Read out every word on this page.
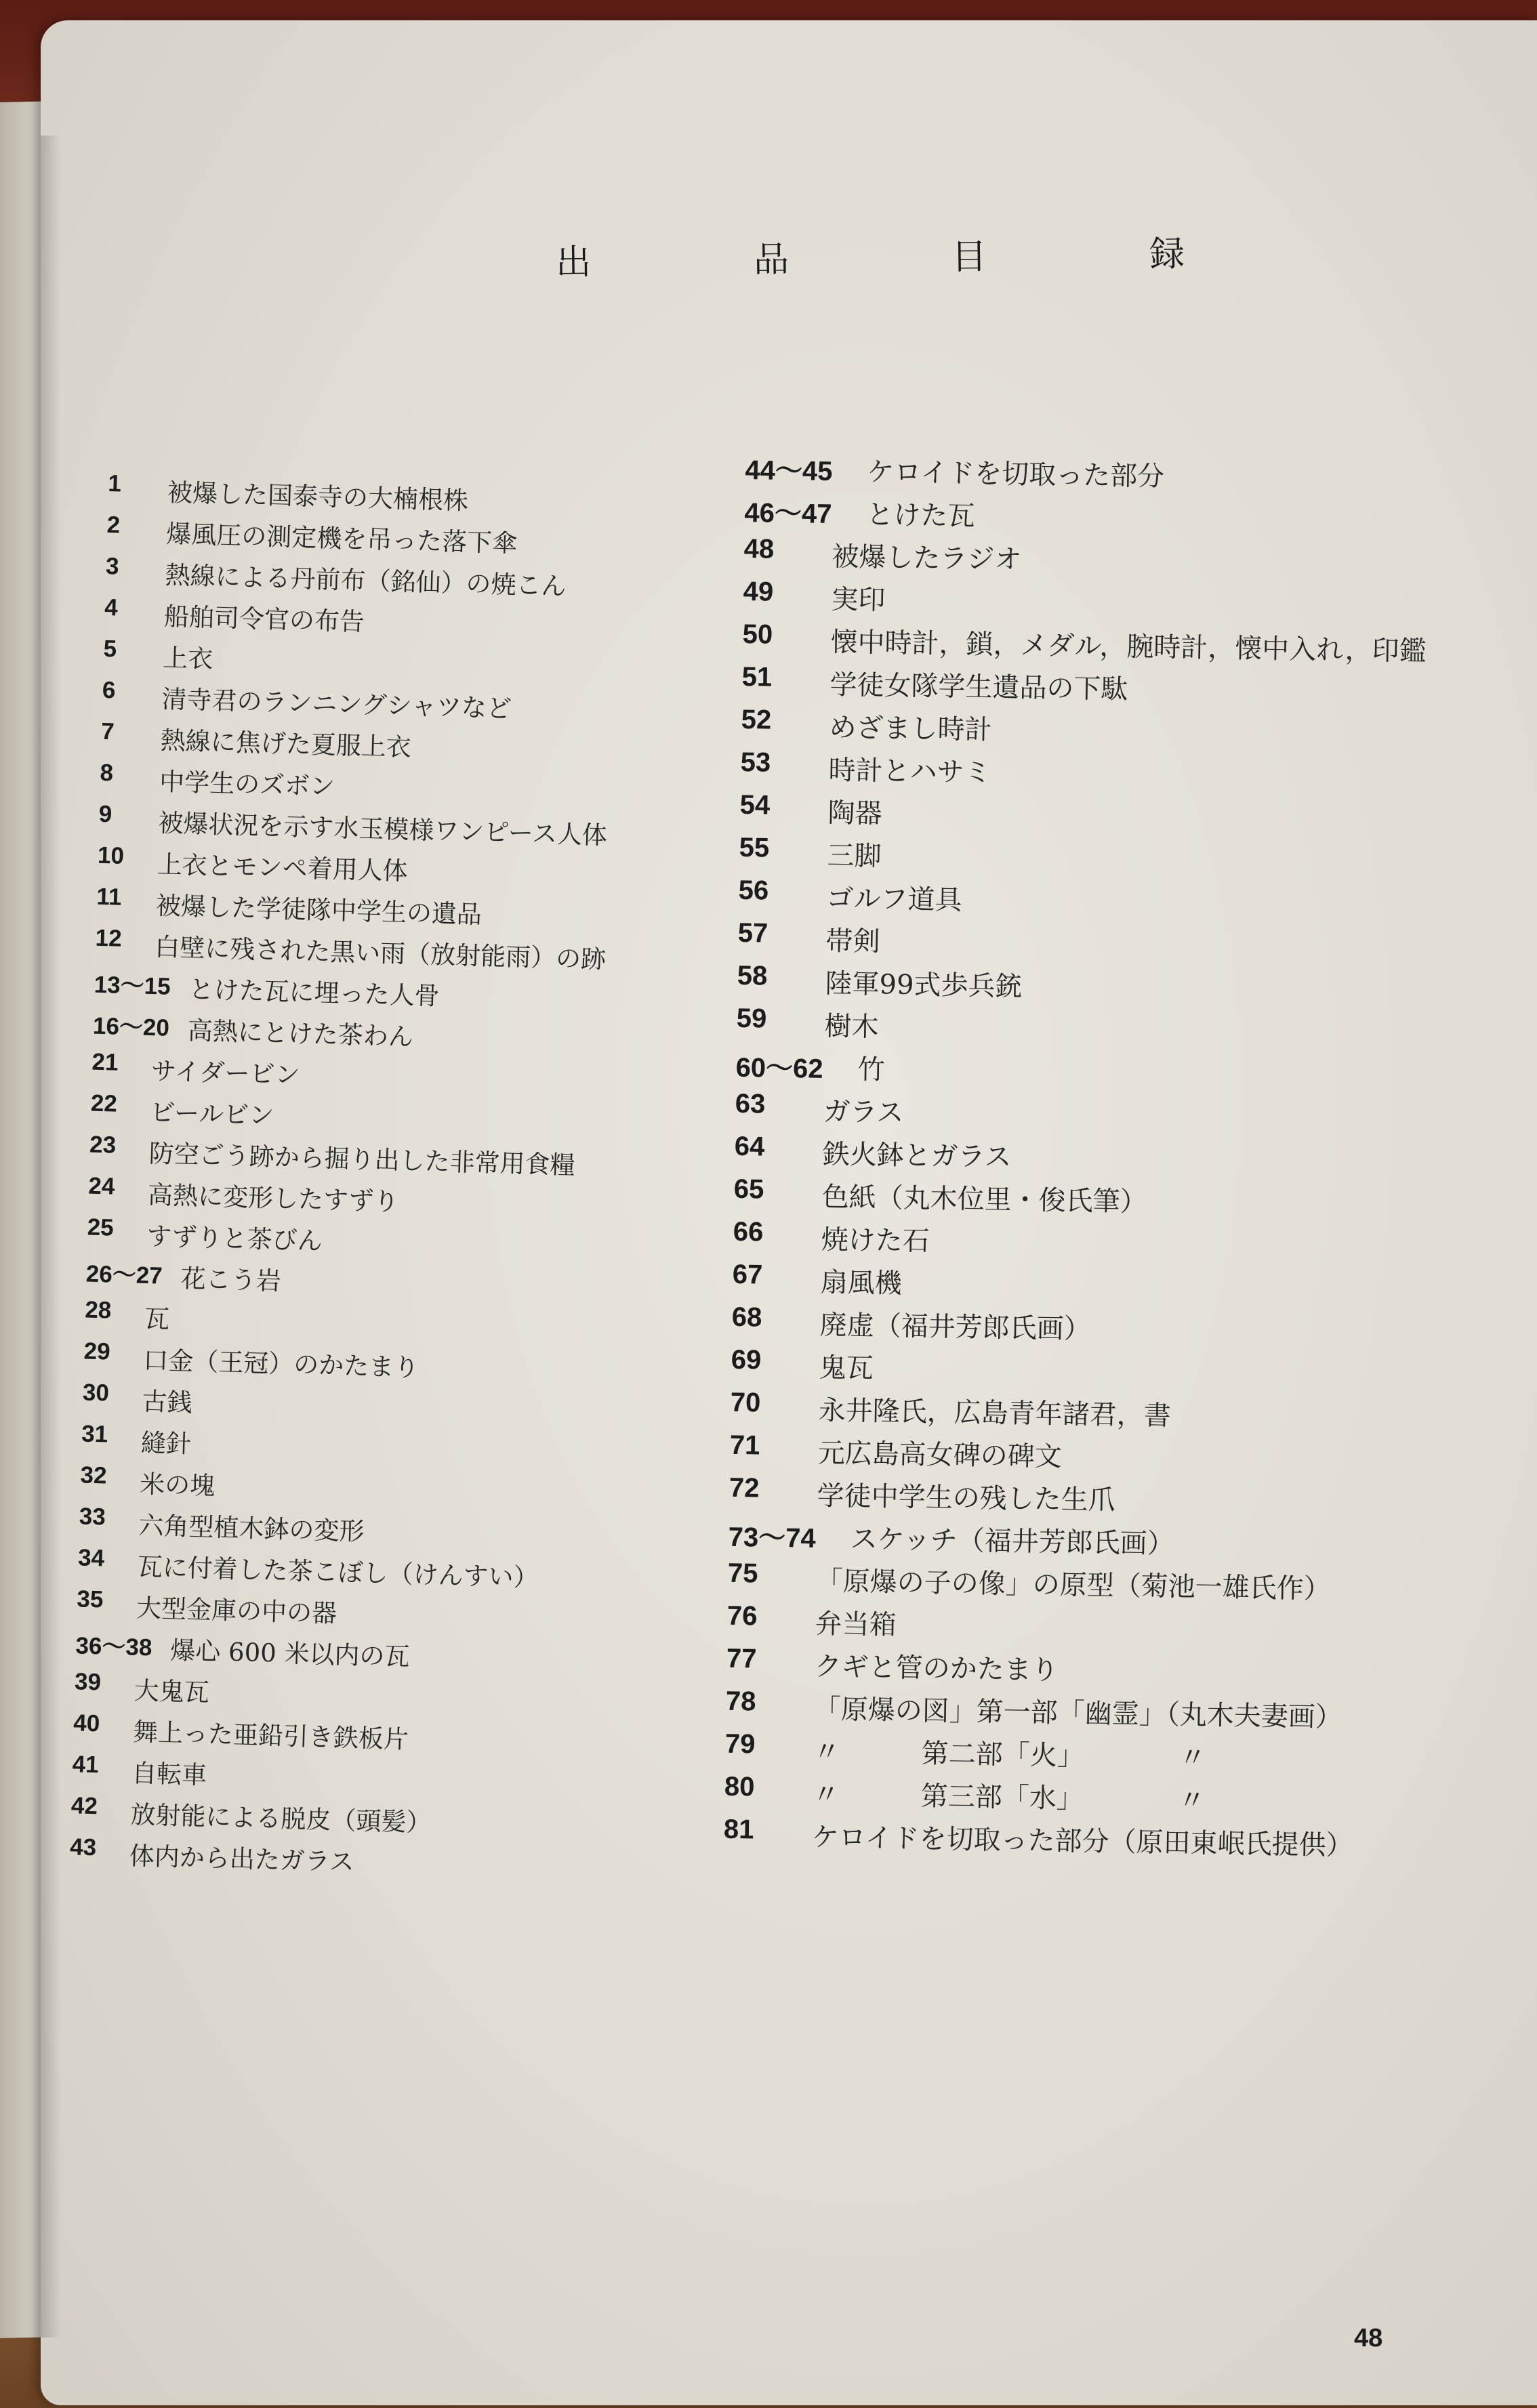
出　品　目　録
1 被爆した国泰寺の大楠根株
2 爆風圧の測定機を吊った落下傘
3 熱線による丹前布（銘仙）の焼こん
4 船舶司令官の布告
5 上衣
6 清寺君のランニングシャツなど
7 熱線に焦げた夏服上衣
8 中学生のズボン
9 被爆状況を示す水玉模様ワンピース人体
10 上衣とモンペ着用人体
11 被爆した学徒隊中学生の遺品
12 白壁に残された黒い雨（放射能雨）の跡
13～15 とけた瓦に埋った人骨
16～20 高熱にとけた茶わん
21 サイダービン
22 ビールビン
23 防空ごう跡から掘り出した非常用食糧
24 高熱に変形したすずり
25 すずりと茶びん
26～27 花こう岩
28 瓦
29 口金（王冠）のかたまり
30 古銭
31 縫針
32 米の塊
33 六角型植木鉢の変形
34 瓦に付着した茶こぼし（けんすい）
35 大型金庫の中の器
36～38 爆心 600 米以内の瓦
39 大鬼瓦
40 舞上った亜鉛引き鉄板片
41 自転車
42 放射能による脱皮（頭髪）
43 体内から出たガラス
44～45 ケロイドを切取った部分
46～47 とけた瓦
48 被爆したラジオ
49 実印
50 懐中時計，鎖，メダル，腕時計，懐中入れ，印鑑
51 学徒女隊学生遺品の下駄
52 めざまし時計
53 時計とハサミ
54 陶器
55 三脚
56 ゴルフ道具
57 帯剣
58 陸軍99式歩兵銃
59 樹木
60～62 竹
63 ガラス
64 鉄火鉢とガラス
65 色紙（丸木位里・俊氏筆）
66 焼けた石
67 扇風機
68 廃虚（福井芳郎氏画）
69 鬼瓦
70 永井隆氏，広島青年諸君，書
71 元広島高女碑の碑文
72 学徒中学生の残した生爪
73～74 スケッチ（福井芳郎氏画）
75 「原爆の子の像」の原型（菊池一雄氏作）
76 弁当箱
77 クギと管のかたまり
78 「原爆の図」第一部「幽霊」（丸木夫妻画）
79 〃　　　第二部「火」　　　　〃
80 〃　　　第三部「水」　　　　〃
81 ケロイドを切取った部分（原田東岷氏提供）
48
